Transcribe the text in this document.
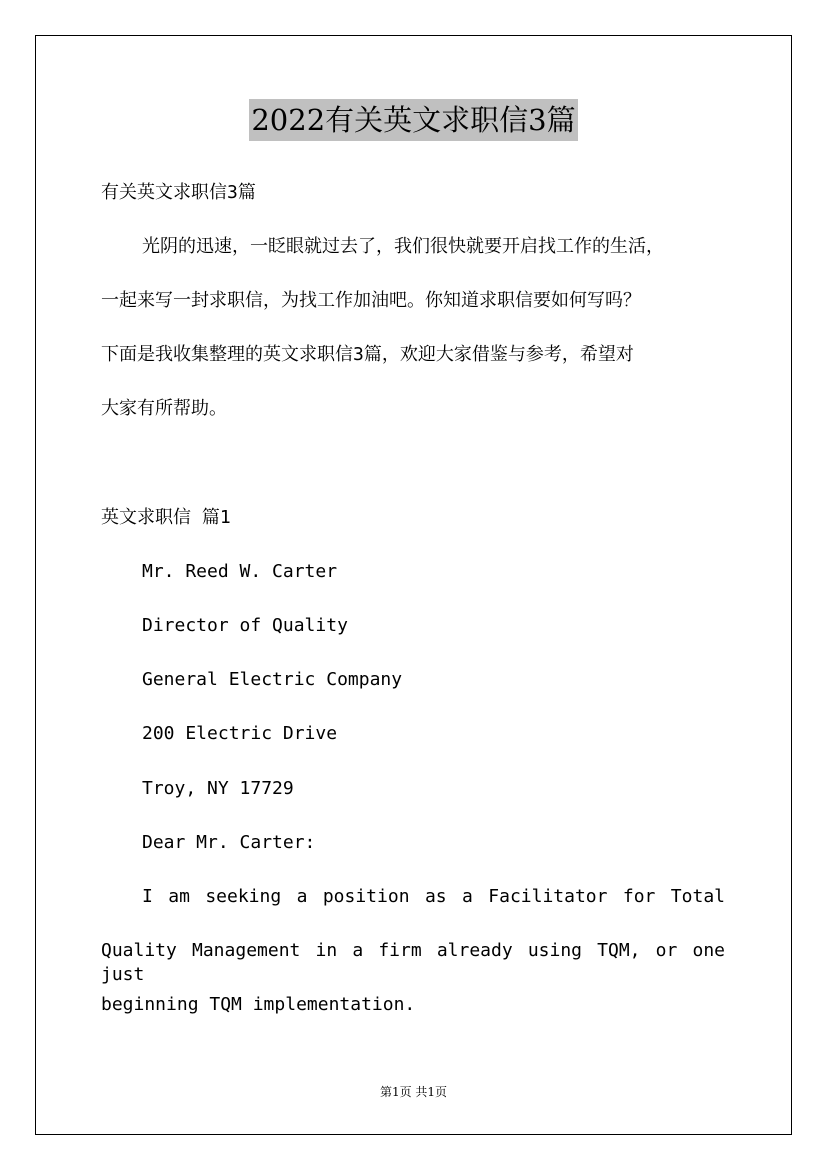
2022有关英文求职信3篇
有关英文求职信3篇
光阴的迅速，一眨眼就过去了，我们很快就要开启找工作的生活，
一起来写一封求职信，为找工作加油吧。你知道求职信要如何写吗？
下面是我收集整理的英文求职信3篇，欢迎大家借鉴与参考，希望对
大家有所帮助。
英文求职信 篇1
Mr. Reed W. Carter
Director of Quality
General Electric Company
200 Electric Drive
Troy, NY 17729
Dear Mr. Carter:
I am seeking a position as a Facilitator for Total
Quality Management in a firm already using TQM, or one just
beginning TQM implementation.
第1页 共1页
